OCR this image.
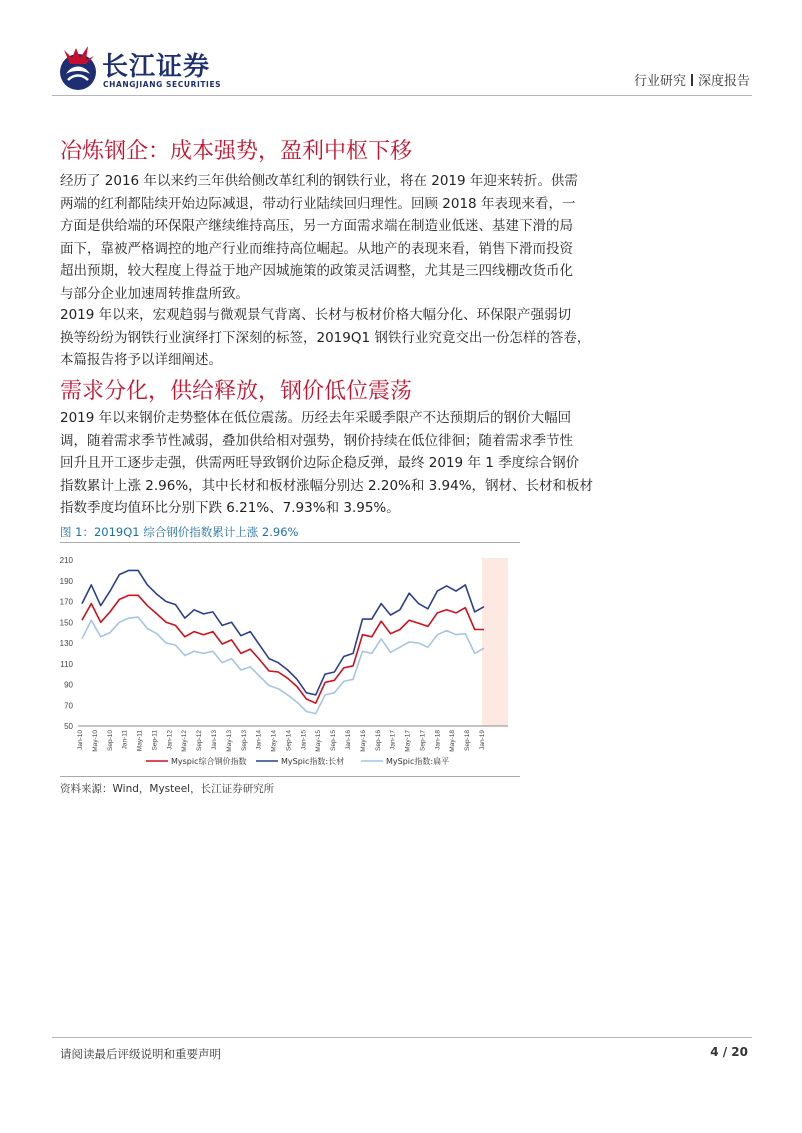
长江证券
CHANGJIANG SECURITIES	行业研究 深度报告
冶炼钢企：成本强势，盈利中枢下移
经历了 2016 年以来约三年供给侧改革红利的钢铁行业，将在 2019 年迎来转折。供需
两端的红利都陆续开始边际减退，带动行业陆续回归理性。回顾 2018 年表现来看，一
方面是供给端的环保限产继续维持高压，另一方面需求端在制造业低迷、基建下滑的局
面下，靠被严格调控的地产行业而维持高位崛起。从地产的表现来看，销售下滑而投资
超出预期，较大程度上得益于地产因城施策的政策灵活调整，尤其是三四线棚改货币化
与部分企业加速周转推盘所致。
2019 年以来，宏观趋弱与微观景气背离、长材与板材价格大幅分化、环保限产强弱切
换等纷纷为钢铁行业演绎打下深刻的标签，2019Q1 钢铁行业究竟交出一份怎样的答卷，
本篇报告将予以详细阐述。
需求分化，供给释放，钢价低位震荡
2019 年以来钢价走势整体在低位震荡。历经去年采暖季限产不达预期后的钢价大幅回
调，随着需求季节性减弱，叠加供给相对强势，钢价持续在低位徘徊；随着需求季节性
回升且开工逐步走强，供需两旺导致钢价边际企稳反弹，最终 2019 年 1 季度综合钢价
指数累计上涨 2.96%，其中长材和板材涨幅分别达 2.20%和 3.94%，钢材、长材和板材
指数季度均值环比分别下跌 6.21%、7.93%和 3.95%。
图 1：2019Q1 综合钢价指数累计上涨 2.96%
50
70
90
110
130
150
170
190
210
Jan-10 May-10 Sep-10 Jan-11 May-11 Sep-11 Jan-12 May-12 Sep-12 Jan-13 May-13 Sep-13 Jan-14 May-14 Sep-14 Jan-15 May-15 Sep-15 Jan-16 May-16 Sep-16 Jan-17 May-17 Sep-17 Jan-18 May-18 Sep-18 Jan-19
Myspic综合钢价指数	MySpic指数:长材	MySpic指数:扁平
资料来源：Wind，Mysteel，长江证券研究所
请阅读最后评级说明和重要声明	4 / 20
